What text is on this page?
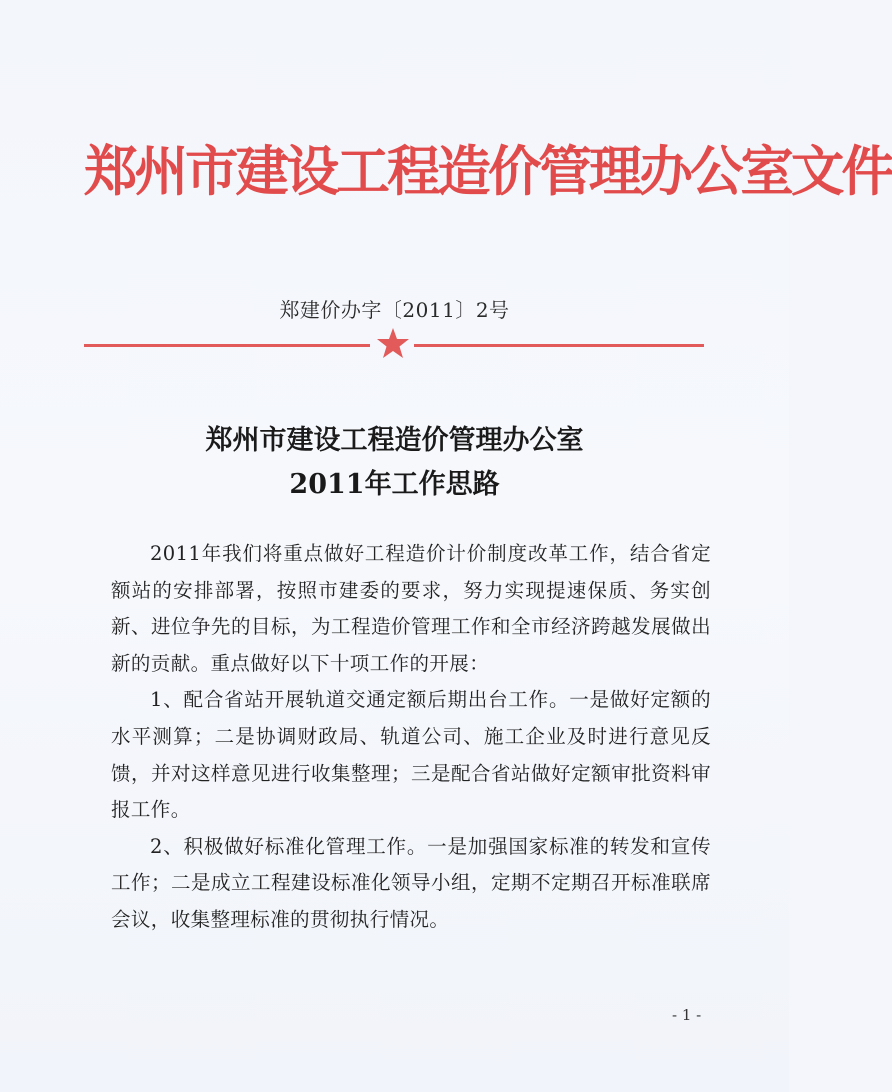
郑州市建设工程造价管理办公室文件
郑建价办字〔2011〕2号
郑州市建设工程造价管理办公室
2011年工作思路

2011年我们将重点做好工程造价计价制度改革工作，结合省定额站的安排部署，按照市建委的要求，努力实现提速保质、务实创新、进位争先的目标，为工程造价管理工作和全市经济跨越发展做出新的贡献。重点做好以下十项工作的开展：

1、配合省站开展轨道交通定额后期出台工作。一是做好定额的水平测算；二是协调财政局、轨道公司、施工企业及时进行意见反馈，并对这样意见进行收集整理；三是配合省站做好定额审批资料审报工作。

2、积极做好标准化管理工作。一是加强国家标准的转发和宣传工作；二是成立工程建设标准化领导小组，定期不定期召开标准联席会议，收集整理标准的贯彻执行情况。

- 1 -
